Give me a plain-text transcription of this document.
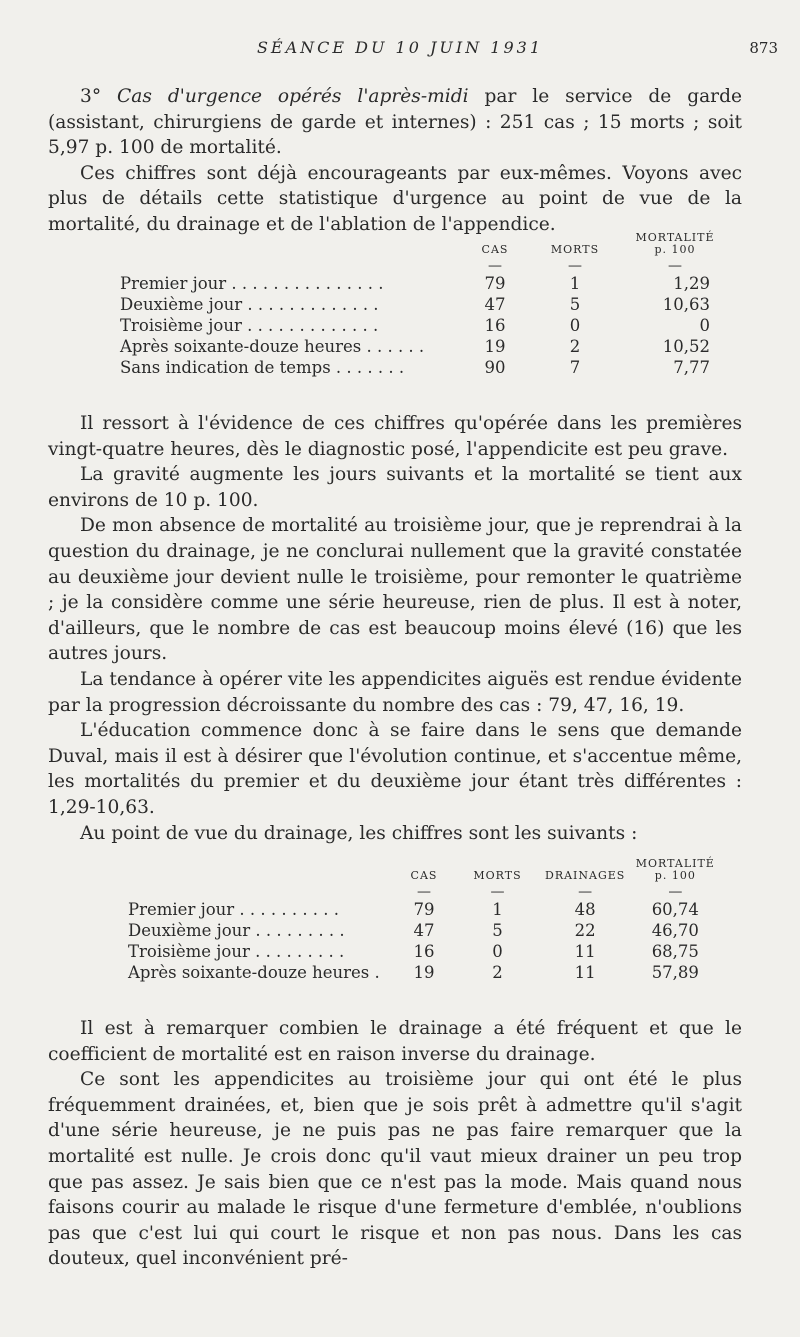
SÉANCE DU 10 JUIN 1931	873

3° Cas d'urgence opérés l'après-midi par le service de garde (assistant, chirurgiens de garde et internes) : 251 cas ; 15 morts ; soit 5,97 p. 100 de mortalité.

Ces chiffres sont déjà encourageants par eux-mêmes. Voyons avec plus de détails cette statistique d'urgence au point de vue de la mortalité, du drainage et de l'ablation de l'appendice.

	CAS	MORTS	MORTALITÉ
p. 100
	—	—	—
Premier jour . . . . . . . . . . . . . . .	79	1	1,29
Deuxième jour . . . . . . . . . . . . .	47	5	10,63
Troisième jour . . . . . . . . . . . . .	16	0	0
Après soixante-douze heures . . . . . .	19	2	10,52
Sans indication de temps . . . . . . .	90	7	7,77

Il ressort à l'évidence de ces chiffres qu'opérée dans les premières vingt-quatre heures, dès le diagnostic posé, l'appendicite est peu grave.

La gravité augmente les jours suivants et la mortalité se tient aux environs de 10 p. 100.

De mon absence de mortalité au troisième jour, que je reprendrai à la question du drainage, je ne conclurai nullement que la gravité constatée au deuxième jour devient nulle le troisième, pour remonter le quatrième ; je la considère comme une série heureuse, rien de plus. Il est à noter, d'ailleurs, que le nombre de cas est beaucoup moins élevé (16) que les autres jours.

La tendance à opérer vite les appendicites aiguës est rendue évidente par la progression décroissante du nombre des cas : 79, 47, 16, 19.

L'éducation commence donc à se faire dans le sens que demande Duval, mais il est à désirer que l'évolution continue, et s'accentue même, les mortalités du premier et du deuxième jour étant très différentes : 1,29-10,63.

Au point de vue du drainage, les chiffres sont les suivants :

	CAS	MORTS	DRAINAGES	MORTALITÉ
p. 100
	—	—	—	—
Premier jour . . . . . . . . . .	79	1	48	60,74
Deuxième jour . . . . . . . . .	47	5	22	46,70
Troisième jour . . . . . . . . .	16	0	11	68,75
Après soixante-douze heures .	19	2	11	57,89

Il est à remarquer combien le drainage a été fréquent et que le coefficient de mortalité est en raison inverse du drainage.

Ce sont les appendicites au troisième jour qui ont été le plus fréquemment drainées, et, bien que je sois prêt à admettre qu'il s'agit d'une série heureuse, je ne puis pas ne pas faire remarquer que la mortalité est nulle. Je crois donc qu'il vaut mieux drainer un peu trop que pas assez. Je sais bien que ce n'est pas la mode. Mais quand nous faisons courir au malade le risque d'une fermeture d'emblée, n'oublions pas que c'est lui qui court le risque et non pas nous. Dans les cas douteux, quel inconvénient pré-
